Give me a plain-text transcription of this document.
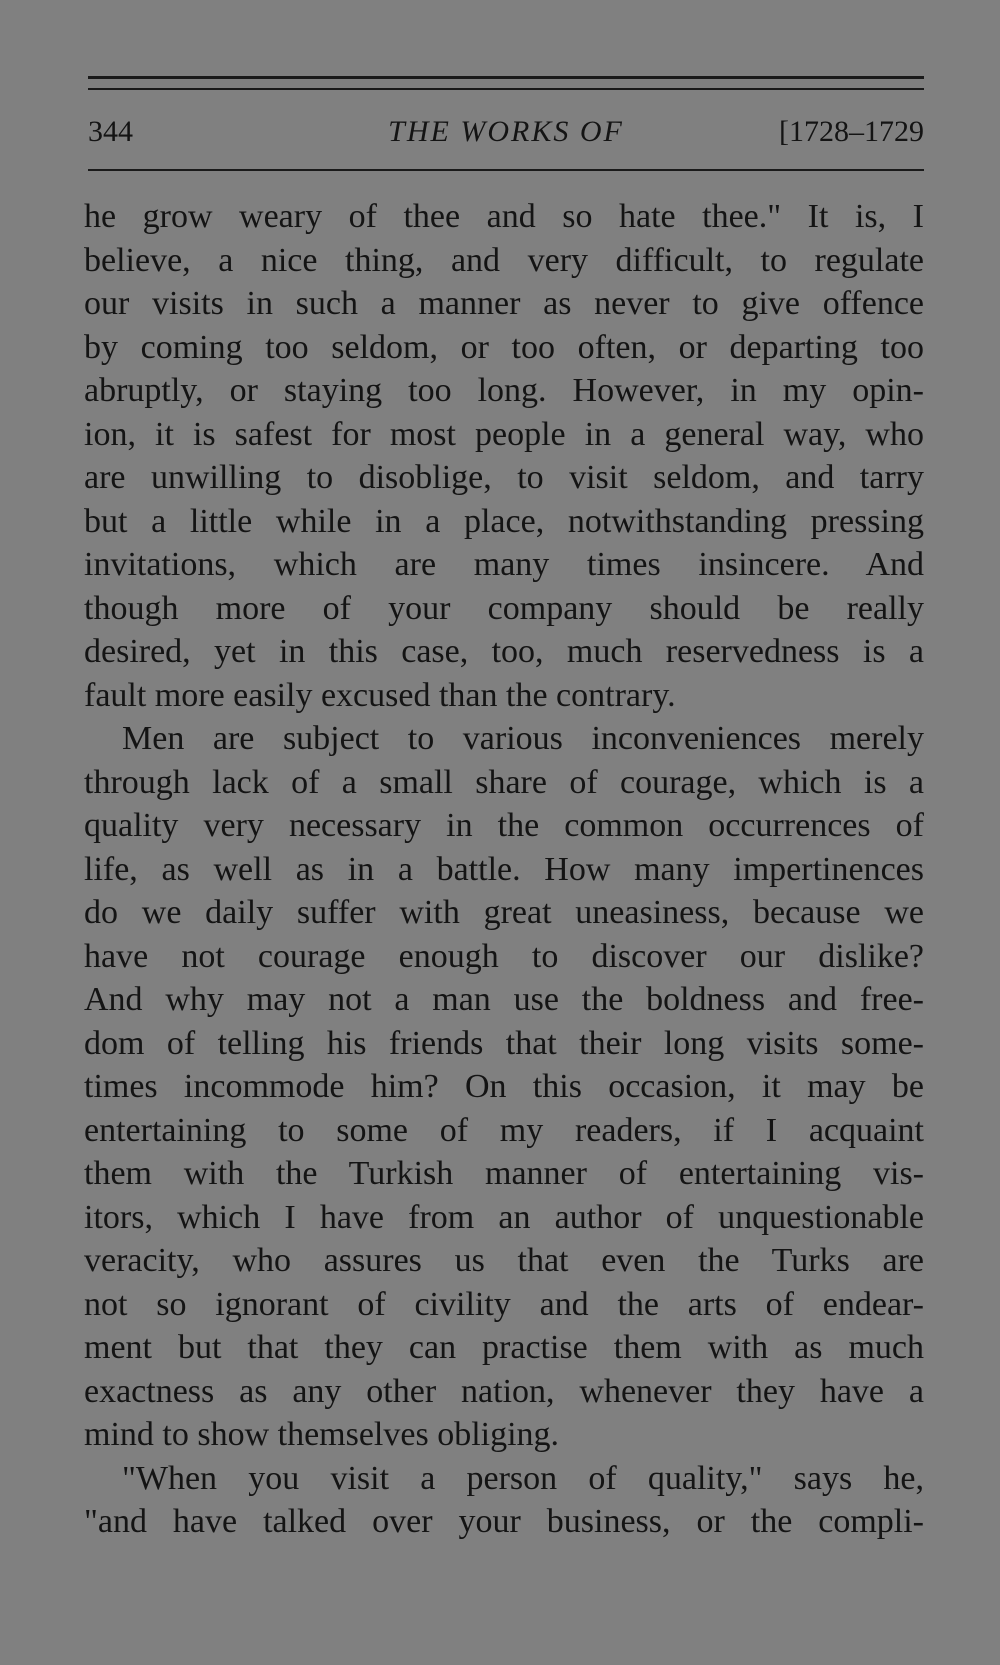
344	THE WORKS OF	[1728–1729
he grow weary of thee and so hate thee." It is, I
believe, a nice thing, and very difficult, to regulate
our visits in such a manner as never to give offence
by coming too seldom, or too often, or departing too
abruptly, or staying too long. However, in my opin-
ion, it is safest for most people in a general way, who
are unwilling to disoblige, to visit seldom, and tarry
but a little while in a place, notwithstanding pressing
invitations, which are many times insincere. And
though more of your company should be really
desired, yet in this case, too, much reservedness is a
fault more easily excused than the contrary.
Men are subject to various inconveniences merely
through lack of a small share of courage, which is a
quality very necessary in the common occurrences of
life, as well as in a battle. How many impertinences
do we daily suffer with great uneasiness, because we
have not courage enough to discover our dislike?
And why may not a man use the boldness and free-
dom of telling his friends that their long visits some-
times incommode him? On this occasion, it may be
entertaining to some of my readers, if I acquaint
them with the Turkish manner of entertaining vis-
itors, which I have from an author of unquestionable
veracity, who assures us that even the Turks are
not so ignorant of civility and the arts of endear-
ment but that they can practise them with as much
exactness as any other nation, whenever they have a
mind to show themselves obliging.
"When you visit a person of quality," says he,
"and have talked over your business, or the compli-
